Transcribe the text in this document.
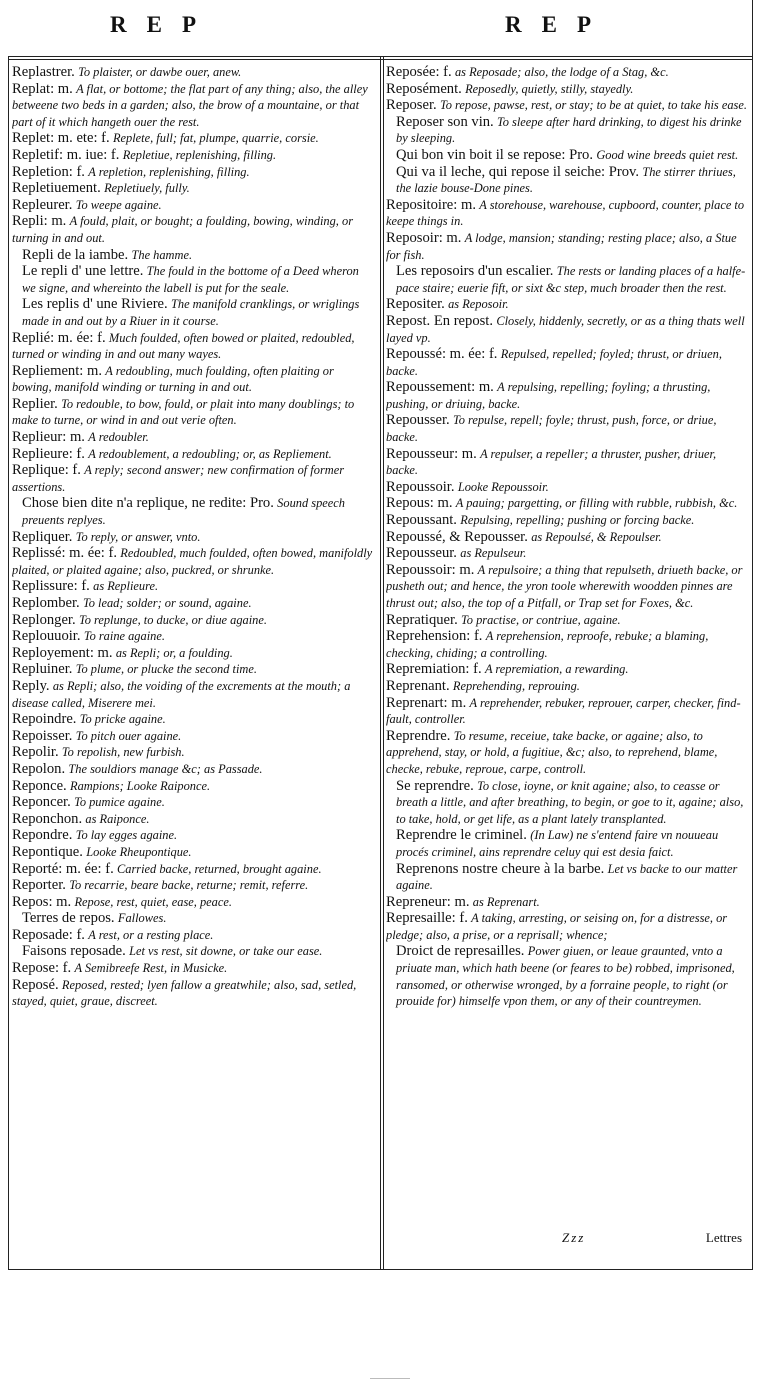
REP	REP

Replastrer. To plaister, or dawbe ouer, anew.

Replat: m. A flat, or bottome; the flat part of any thing; also, the alley betweene two beds in a garden; also, the brow of a mountaine, or that part of it which hangeth ouer the rest.

Replet: m. ete: f. Replete, full; fat, plumpe, quarrie, corsie.

Repletif: m. iue: f. Repletiue, replenishing, filling.

Repletion: f. A repletion, replenishing, filling.

Repletiuement. Repletiuely, fully.

Repleurer. To weepe againe.

Repli: m. A fould, plait, or bought; a foulding, bowing, winding, or turning in and out.

Repli de la iambe. The hamme.

Le repli d' une lettre. The fould in the bottome of a Deed wheron we signe, and whereinto the labell is put for the seale.

Les replis d' une Riviere. The manifold cranklings, or wriglings made in and out by a Riuer in it course.

Replié: m. ée: f. Much foulded, often bowed or plaited, redoubled, turned or winding in and out many wayes.

Repliement: m. A redoubling, much foulding, often plaiting or bowing, manifold winding or turning in and out.

Replier. To redouble, to bow, fould, or plait into many doublings; to make to turne, or wind in and out verie often.

Replieur: m. A redoubler.

Replieure: f. A redoublement, a redoubling; or, as Repliement.

Replique: f. A reply; second answer; new confirmation of former assertions.

Chose bien dite n'a replique, ne redite: Pro. Sound speech preuents replyes.

Repliquer. To reply, or answer, vnto.

Replissé: m. ée: f. Redoubled, much foulded, often bowed, manifoldly plaited, or plaited againe; also, puckred, or shrunke.

Replissure: f. as Replieure.

Replomber. To lead; solder; or sound, againe.

Replonger. To replunge, to ducke, or diue againe.

Replouuoir. To raine againe.

Reployement: m. as Repli; or, a foulding.

Repluiner. To plume, or plucke the second time.

Reply. as Repli; also, the voiding of the excrements at the mouth; a disease called, Miserere mei.

Repoindre. To pricke againe.

Repoisser. To pitch ouer againe.

Repolir. To repolish, new furbish.

Repolon. The souldiors manage &c; as Passade.

Reponce. Rampions; Looke Raiponce.

Reponcer. To pumice againe.

Reponchon. as Raiponce.

Repondre. To lay egges againe.

Repontique. Looke Rheupontique.

Reporté: m. ée: f. Carried backe, returned, brought againe.

Reporter. To recarrie, beare backe, returne; remit, referre.

Repos: m. Repose, rest, quiet, ease, peace.

Terres de repos. Fallowes.

Reposade: f. A rest, or a resting place.

Faisons reposade. Let vs rest, sit downe, or take our ease.

Repose: f. A Semibreefe Rest, in Musicke.

Reposé. Reposed, rested; lyen fallow a greatwhile; also, sad, setled, stayed, quiet, graue, discreet.

Reposée: f. as Reposade; also, the lodge of a Stag, &c.

Reposément. Reposedly, quietly, stilly, stayedly.

Reposer. To repose, pawse, rest, or stay; to be at quiet, to take his ease.

Reposer son vin. To sleepe after hard drinking, to digest his drinke by sleeping.

Qui bon vin boit il se repose: Pro. Good wine breeds quiet rest.

Qui va il leche, qui repose il seiche: Prov. The stirrer thriues, the lazie bouse-Done pines.

Repositoire: m. A storehouse, warehouse, cupboord, counter, place to keepe things in.

Reposoir: m. A lodge, mansion; standing; resting place; also, a Stue for fish.

Les reposoirs d'un escalier. The rests or landing places of a halfe-pace staire; euerie fift, or sixt &c step, much broader then the rest.

Repositer. as Reposoir.

Repost. En repost. Closely, hiddenly, secretly, or as a thing thats well layed vp.

Repoussé: m. ée: f. Repulsed, repelled; foyled; thrust, or driuen, backe.

Repoussement: m. A repulsing, repelling; foyling; a thrusting, pushing, or driuing, backe.

Repousser. To repulse, repell; foyle; thrust, push, force, or driue, backe.

Repousseur: m. A repulser, a repeller; a thruster, pusher, driuer, backe.

Repoussoir. Looke Repoussoir.

Repous: m. A pauing; pargetting, or filling with rubble, rubbish, &c.

Repoussant. Repulsing, repelling; pushing or forcing backe.

Repoussé, & Repousser. as Repoulsé, & Repoulser.

Repousseur. as Repulseur.

Repoussoir: m. A repulsoire; a thing that repulseth, driueth backe, or pusheth out; and hence, the yron toole wherewith woodden pinnes are thrust out; also, the top of a Pitfall, or Trap set for Foxes, &c.

Repratiquer. To practise, or contriue, againe.

Reprehension: f. A reprehension, reproofe, rebuke; a blaming, checking, chiding; a controlling.

Repremiation: f. A repremiation, a rewarding.

Reprenant. Reprehending, reprouing.

Reprenart: m. A reprehender, rebuker, reprouer, carper, checker, find-fault, controller.

Reprendre. To resume, receiue, take backe, or againe; also, to apprehend, stay, or hold, a fugitiue, &c; also, to reprehend, blame, checke, rebuke, reproue, carpe, controll.

Se reprendre. To close, ioyne, or knit againe; also, to ceasse or breath a little, and after breathing, to begin, or goe to it, againe; also, to take, hold, or get life, as a plant lately transplanted.

Reprendre le criminel. (In Law) ne s'entend faire vn nouueau procés criminel, ains reprendre celuy qui est desia faict.

Reprenons nostre cheure à la barbe. Let vs backe to our matter againe.

Repreneur: m. as Reprenart.

Represaille: f. A taking, arresting, or seising on, for a distresse, or pledge; also, a prise, or a reprisall; whence;

Droict de represailles. Power giuen, or leaue graunted, vnto a priuate man, which hath beene (or feares to be) robbed, imprisoned, ransomed, or otherwise wronged, by a forraine people, to right (or prouide for) himselfe vpon them, or any of their countreymen.

Zzz	Lettres
